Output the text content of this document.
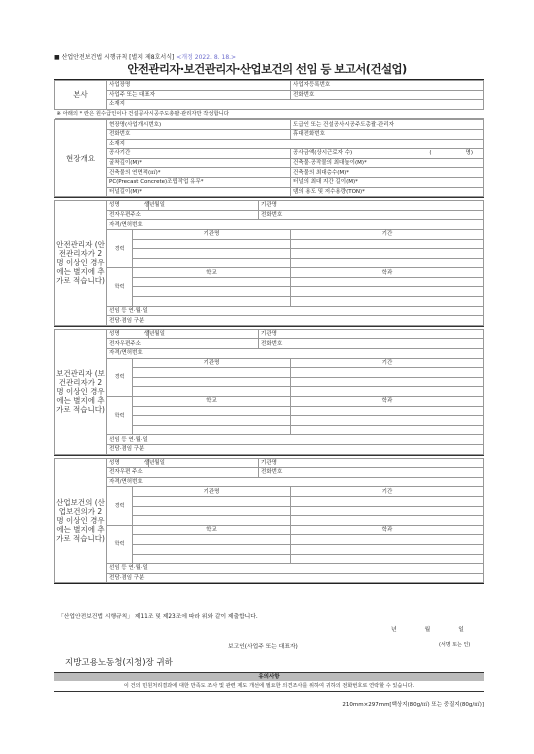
■ 산업안전보건법 시행규칙 [별지 제8호서식] <개정 2022. 8. 18.>
안전관리자·보건관리자·산업보건의 선임 등 보고서(건설업)
본사	사업장명	사업자등록번호
	사업주 또는 대표자	전화번호
	소재지	
※ 아래의 * 란은 원수급인이나 건설공사시공주도총괄·관리자만 작성합니다		
현장개요	현장명(사업개시번호)	도급인 또는 건설공사시공주도총괄·관리자
	전화번호	휴대전화번호
	소재지	
	공사기간	공사금액(상시근로자 수) ( 명)

	굴착깊이(M)*	건축물·공작물의 최대높이(M)*
	건축물의 연면적(㎡)*	건축물의 최대층수(M)*
	PC(Precast Concrete)조립작업 유무*	터널의 최대 지간 길이(M)*
	터널길이(M)*	댐의 용도 및 저수용량(TON)*
안전관리자 (안전관리자가 2명 이상인 경우에는 별지에 추가로 적습니다)	성명 생년월일			기관명	
	전자우편주소			전화번호	
	자격/면허번호				
	경력	기관명			기간

	학력	학교			학과

	선임 등 연·월·일				
	전담·겸임 구분				
보건관리자 (보건관리자가 2명 이상인 경우에는 별지에 추가로 적습니다)	성명 생년월일			기관명	
	전자우편주소			전화번호	
	자격/면허번호				
	경력	기관명			기간

	학력	학교			학과

	선임 등 연·월·일				
	전담·겸임 구분				
산업보건의 (산업보건의가 2명 이상인 경우에는 별지에 추가로 적습니다)	성명 생년월일			기관명	
	전자우편 주소			전화번호	
	자격/면허번호				
	경력	기관명			기간

	학력	학교			학과

	선임 등 연·월·일				
	전담·겸임 구분				
「산업안전보건법 시행규칙」 제11조 및 제23조에 따라 위와 같이 제출합니다.
년	월	일
보고인(사업주 또는 대표자)	(서명 또는 인)
지방고용노동청(지청)장 귀하
유의사항
이 건의 민원처리결과에 대한 만족도 조사 및 관련 제도 개선에 필요한 의견조사를 위하여 귀하의 전화번호로 연락할 수 있습니다.
210mm×297mm[백상지(80g/㎡) 또는 중질지(80g/㎡)]
